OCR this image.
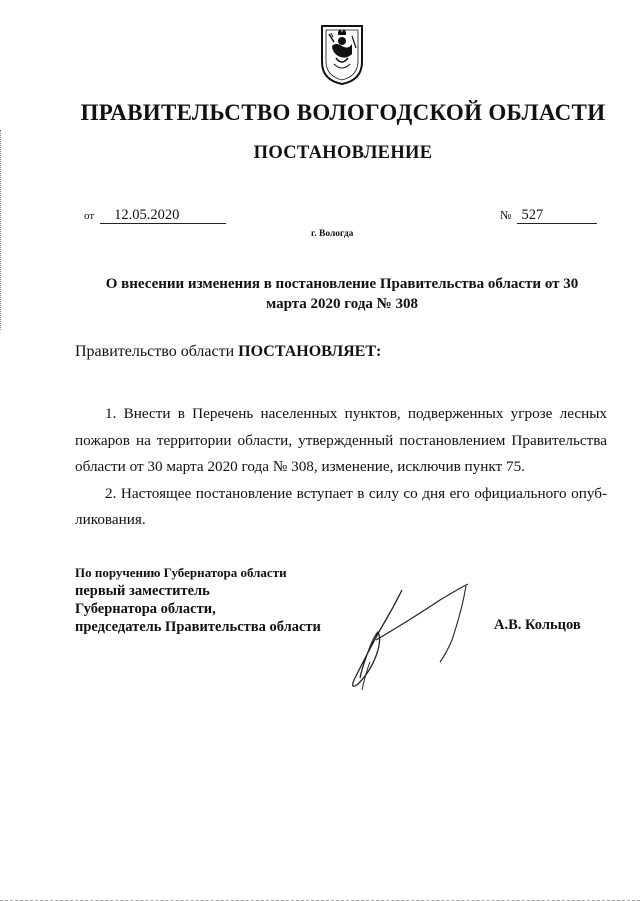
ПРАВИТЕЛЬСТВО ВОЛОГОДСКОЙ ОБЛАСТИ
ПОСТАНОВЛЕНИЕ
от 12.05.2020	№ 527
г. Вологда
О внесении изменения в постановление Правительства области от 30 марта 2020 года № 308
Правительство области ПОСТАНОВЛЯЕТ:

1. Внести в Перечень населенных пунктов, подверженных угрозе лесных пожаров на территории области, утвержденный постановлением Правительства области от 30 марта 2020 года № 308, изменение, исключив пункт 75.

2. Настоящее постановление вступает в силу со дня его официального опуб-ликования.

По поручению Губернатора области
первый заместитель
Губернатора области,
председатель Правительства области	А.В. Кольцов
